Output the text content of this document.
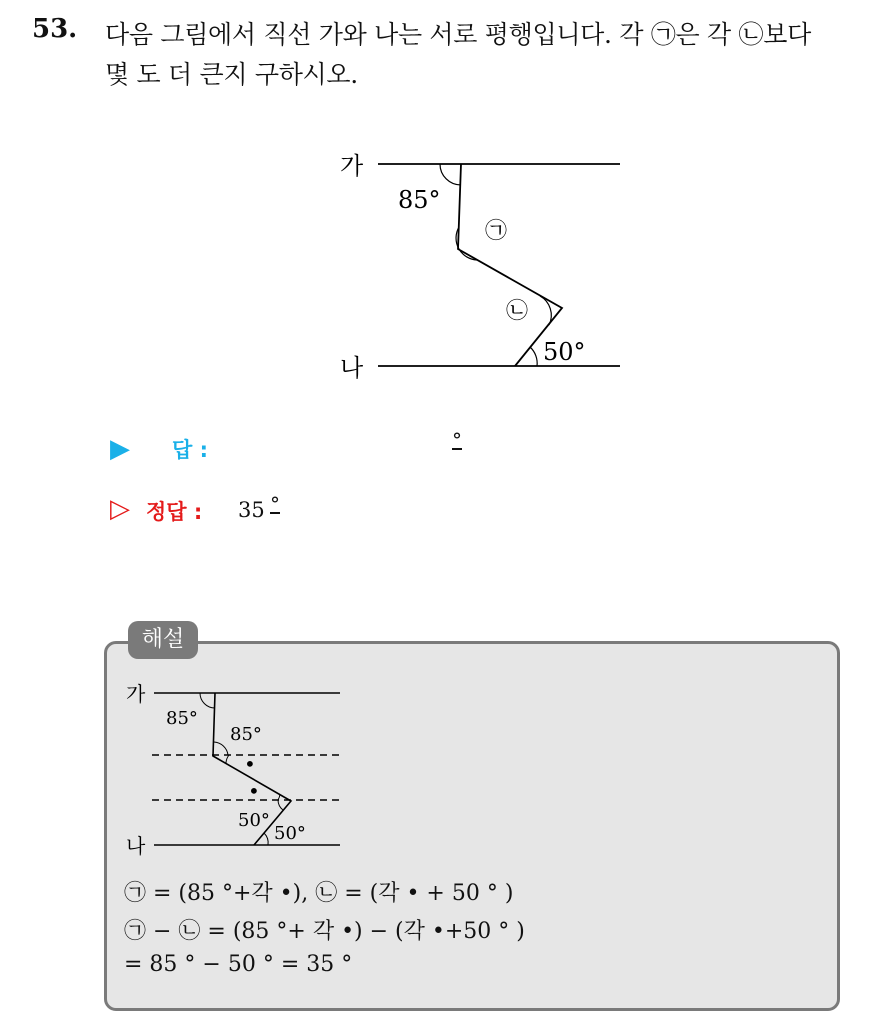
53. 다음 그림에서 직선 가와 나는 서로 평행입니다. 각 ㉠은 각 ㉡보다
몇 도 더 큰지 구하시오.
가
나
85°
㉠
㉡
50°
▶ 답 :	°
▷ 정답 : 35 °
해설
가
나
85°
85°
•
•
50°
50°
㉠ = (85 °+각 •), ㉡ = (각 • + 50 ° )
㉠ − ㉡ = (85 °+ 각 •) − (각 •+50 ° )
= 85 ° − 50 ° = 35 °
